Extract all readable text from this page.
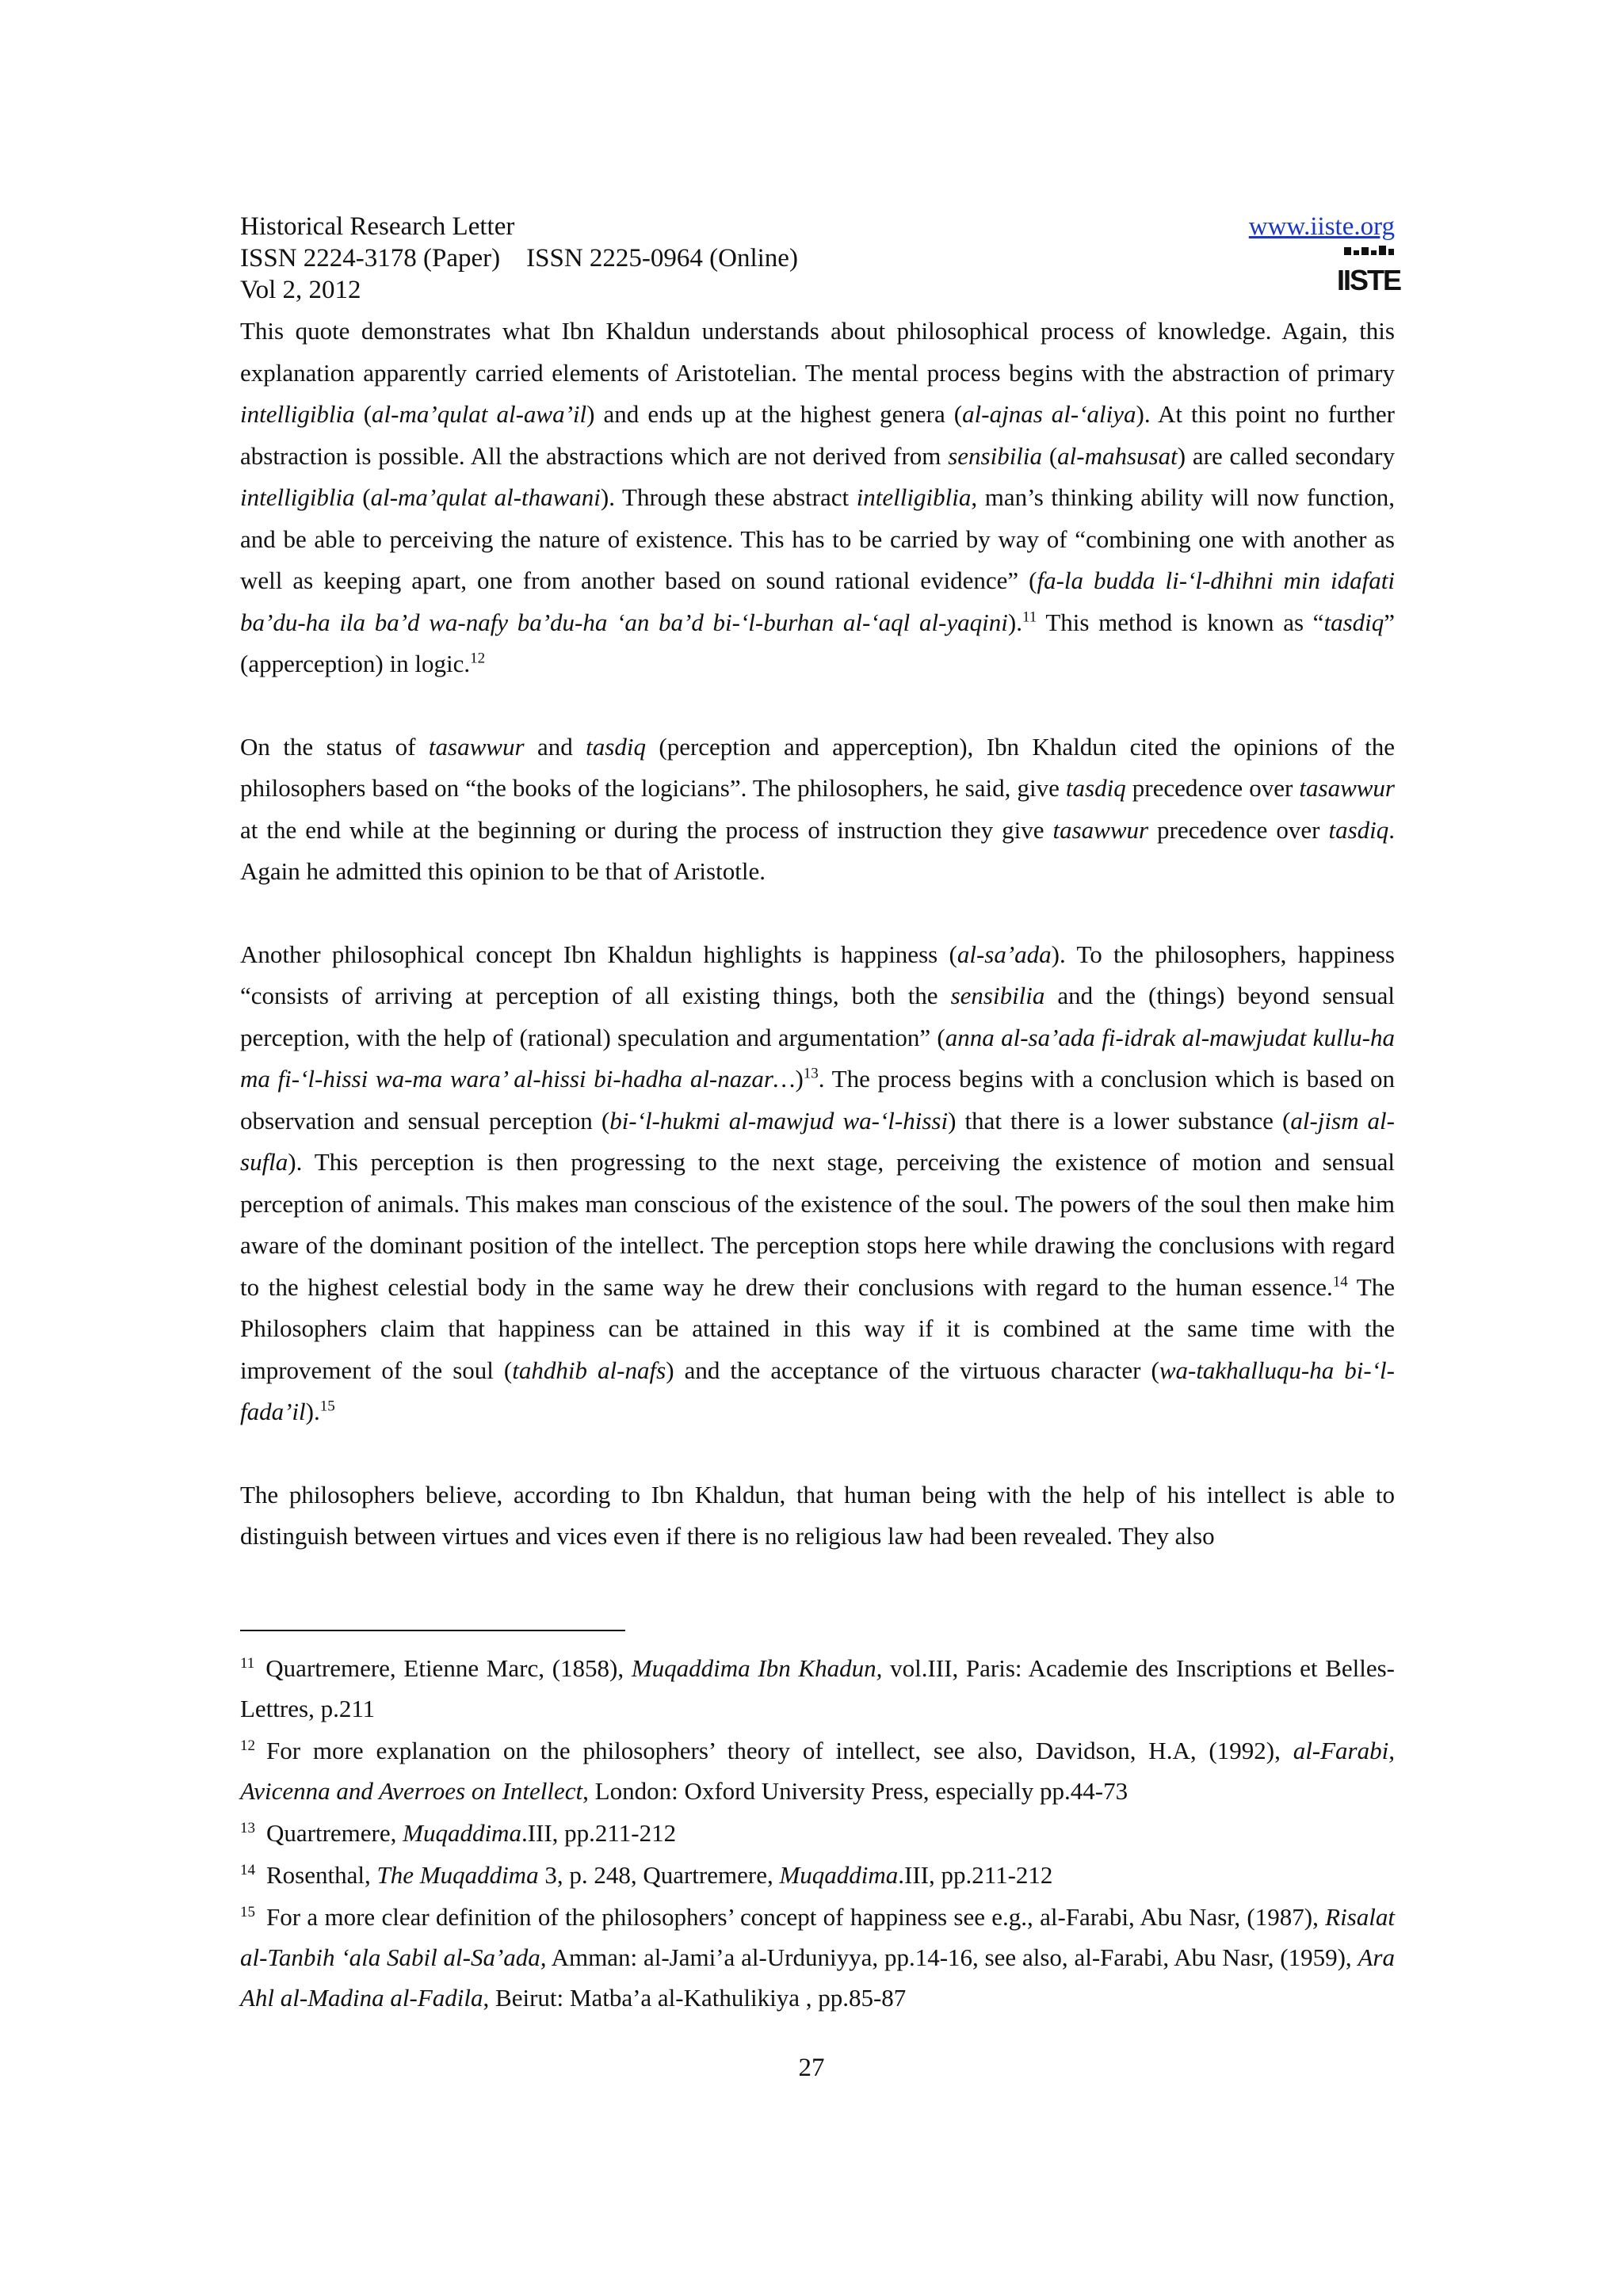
Historical Research Letter
ISSN 2224-3178 (Paper)    ISSN 2225-0964 (Online)
Vol 2, 2012
www.iiste.org
IISTE

This quote demonstrates what Ibn Khaldun understands about philosophical process of knowledge. Again, this explanation apparently carried elements of Aristotelian. The mental process begins with the abstraction of primary intelligiblia (al-ma’qulat al-awa’il) and ends up at the highest genera (al-ajnas al-‘aliya). At this point no further abstraction is possible. All the abstractions which are not derived from sensibilia (al-mahsusat) are called secondary intelligiblia (al-ma’qulat al-thawani). Through these abstract intelligiblia, man’s thinking ability will now function, and be able to perceiving the nature of existence. This has to be carried by way of “combining one with another as well as keeping apart, one from another based on sound rational evidence” (fa-la budda li-‘l-dhihni min idafati ba’du-ha ila ba’d wa-nafy ba’du-ha ‘an ba’d bi-‘l-burhan al-‘aql al-yaqini).$^{11}$ This method is known as “tasdiq” (apperception) in logic.$^{12}$

On the status of tasawwur and tasdiq (perception and apperception), Ibn Khaldun cited the opinions of the philosophers based on “the books of the logicians”. The philosophers, he said, give tasdiq precedence over tasawwur at the end while at the beginning or during the process of instruction they give tasawwur precedence over tasdiq. Again he admitted this opinion to be that of Aristotle.

Another philosophical concept Ibn Khaldun highlights is happiness (al-sa’ada). To the philosophers, happiness “consists of arriving at perception of all existing things, both the sensibilia and the (things) beyond sensual perception, with the help of (rational) speculation and argumentation” (anna al-sa’ada fi-idrak al-mawjudat kullu-ha ma fi-‘l-hissi wa-ma wara’ al-hissi bi-hadha al-nazar…)$^{13}$. The process begins with a conclusion which is based on observation and sensual perception (bi-‘l-hukmi al-mawjud wa-‘l-hissi) that there is a lower substance (al-jism al-sufla). This perception is then progressing to the next stage, perceiving the existence of motion and sensual perception of animals. This makes man conscious of the existence of the soul. The powers of the soul then make him aware of the dominant position of the intellect. The perception stops here while drawing the conclusions with regard to the highest celestial body in the same way he drew their conclusions with regard to the human essence.$^{14}$ The Philosophers claim that happiness can be attained in this way if it is combined at the same time with the improvement of the soul (tahdhib al-nafs) and the acceptance of the virtuous character (wa-takhalluqu-ha bi-‘l-fada’il).$^{15}$

The philosophers believe, according to Ibn Khaldun, that human being with the help of his intellect is able to distinguish between virtues and vices even if there is no religious law had been revealed. They also

$^{11}$ Quartremere, Etienne Marc, (1858), Muqaddima Ibn Khadun, vol.III, Paris: Academie des Inscriptions et Belles-Lettres, p.211
$^{12}$ For more explanation on the philosophers’ theory of intellect, see also, Davidson, H.A, (1992), al-Farabi, Avicenna and Averroes on Intellect, London: Oxford University Press, especially pp.44-73
$^{13}$ Quartremere, Muqaddima.III, pp.211-212
$^{14}$ Rosenthal, The Muqaddima 3, p. 248, Quartremere, Muqaddima.III, pp.211-212
$^{15}$ For a more clear definition of the philosophers’ concept of happiness see e.g., al-Farabi, Abu Nasr, (1987), Risalat al-Tanbih ‘ala Sabil al-Sa’ada, Amman: al-Jami’a al-Urduniyya, pp.14-16, see also, al-Farabi, Abu Nasr, (1959), Ara Ahl al-Madina al-Fadila, Beirut: Matba’a al-Kathulikiya , pp.85-87
27
